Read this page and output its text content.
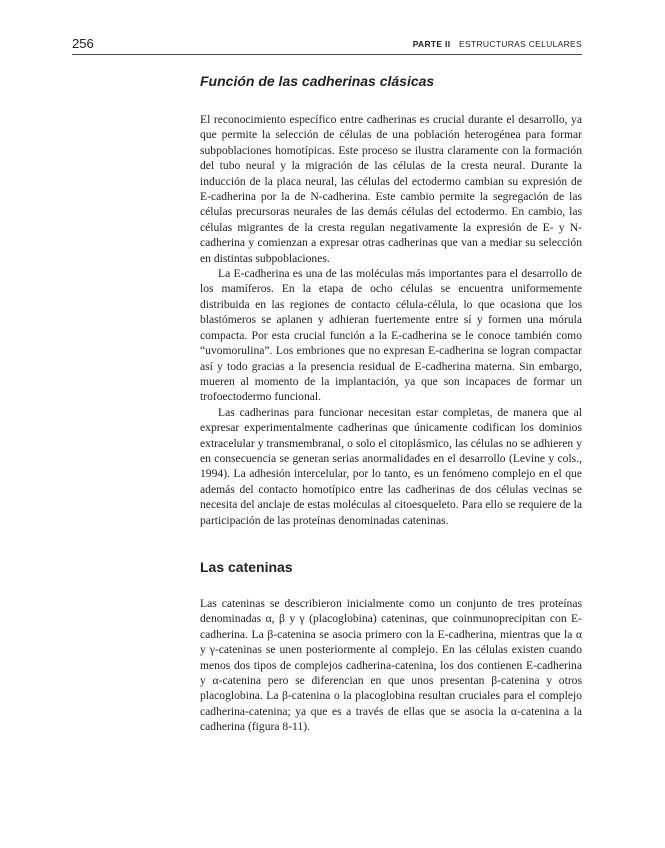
256	PARTE II ESTRUCTURAS CELULARES
Función de las cadherinas clásicas

El reconocimiento específico entre cadherinas es crucial durante el desarrollo, ya que permite la selección de células de una población heterogénea para formar subpoblaciones homotípicas. Este proceso se ilustra claramente con la formación del tubo neural y la migración de las células de la cresta neural. Durante la inducción de la placa neural, las células del ectodermo cambian su expresión de E-cadherina por la de N-cadherina. Este cambio permite la segregación de las células precursoras neurales de las demás células del ectodermo. En cambio, las células migrantes de la cresta regulan negativamente la expresión de E- y N-cadherina y comienzan a expresar otras cadherinas que van a mediar su selección en distintas subpoblaciones.

La E-cadherina es una de las moléculas más importantes para el desarrollo de los mamíferos. En la etapa de ocho células se encuentra uniformemente distribuida en las regiones de contacto célula-célula, lo que ocasiona que los blastómeros se aplanen y adhieran fuertemente entre sí y formen una mórula compacta. Por esta crucial función a la E-cadherina se le conoce también como “uvomorulina”. Los embriones que no expresan E-cadherina se logran compactar así y todo gracias a la presencia residual de E-cadherina materna. Sin embargo, mueren al momento de la implantación, ya que son incapaces de formar un trofoectodermo funcional.

Las cadherinas para funcionar necesitan estar completas, de manera que al expresar experimentalmente cadherinas que únicamente codifican los dominios extracelular y transmembranal, o solo el citoplásmico, las células no se adhieren y en consecuencia se generan serias anormalidades en el desarrollo (Levine y cols., 1994). La adhesión intercelular, por lo tanto, es un fenómeno complejo en el que además del contacto homotípico entre las cadherinas de dos células vecinas se necesita del anclaje de estas moléculas al citoesqueleto. Para ello se requiere de la participación de las proteínas denominadas cateninas.

Las cateninas

Las cateninas se describieron inicialmente como un conjunto de tres proteínas denominadas α, β y γ (placoglobina) cateninas, que coinmunoprecipitan con E-cadherina. La β-catenina se asocia primero con la E-cadherina, mientras que la α y γ-cateninas se unen posteriormente al complejo. En las células existen cuando menos dos tipos de complejos cadherina-catenina, los dos contienen E-cadherina y α-catenina pero se diferencian en que unos presentan β-catenina y otros placoglobina. La β-catenina o la placoglobina resultan cruciales para el complejo cadherina-catenina; ya que es a través de ellas que se asocia la α-catenina a la cadherina (figura 8-11).
